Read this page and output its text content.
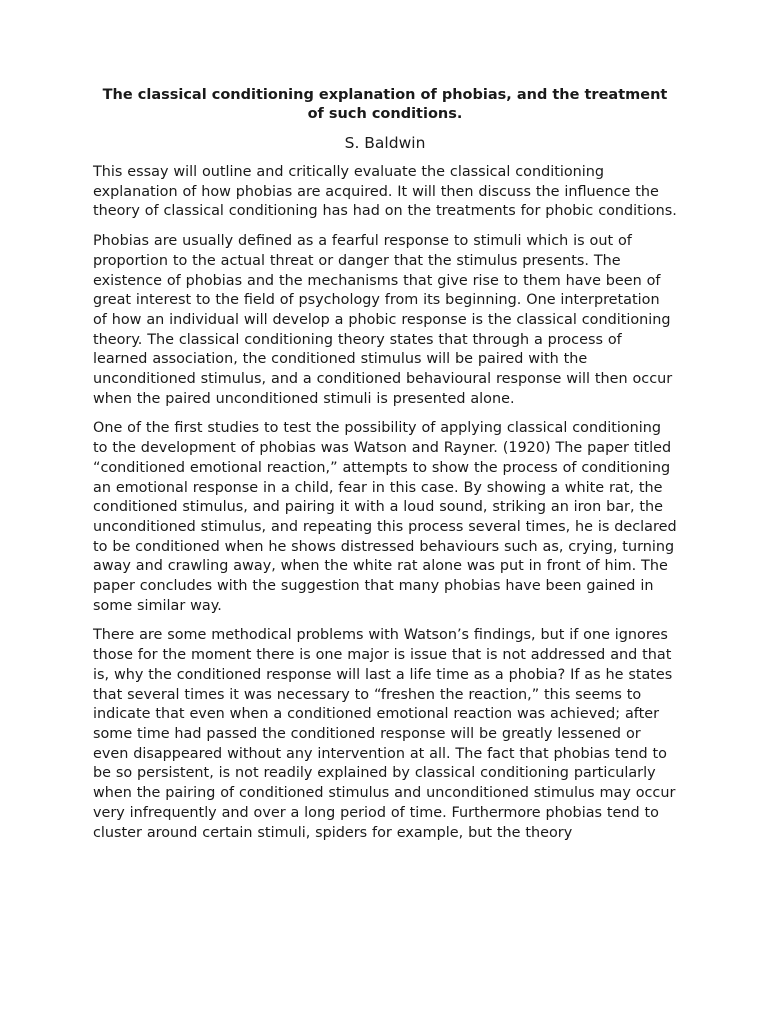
The classical conditioning explanation of phobias, and the treatment of such conditions.
S. Baldwin

This essay will outline and critically evaluate the classical conditioning explanation of how phobias are acquired. It will then discuss the influence the theory of classical conditioning has had on the treatments for phobic conditions.

Phobias are usually defined as a fearful response to stimuli which is out of proportion to the actual threat or danger that the stimulus presents. The existence of phobias and the mechanisms that give rise to them have been of great interest to the field of psychology from its beginning. One interpretation of how an individual will develop a phobic response is the classical conditioning theory. The classical conditioning theory states that through a process of learned association, the conditioned stimulus will be paired with the unconditioned stimulus, and a conditioned behavioural response will then occur when the paired unconditioned stimuli is presented alone.

One of the first studies to test the possibility of applying classical conditioning to the development of phobias was Watson and Rayner. (1920) The paper titled “conditioned emotional reaction,” attempts to show the process of conditioning an emotional response in a child, fear in this case. By showing a white rat, the conditioned stimulus, and pairing it with a loud sound, striking an iron bar, the unconditioned stimulus, and repeating this process several times, he is declared to be conditioned when he shows distressed behaviours such as, crying, turning away and crawling away, when the white rat alone was put in front of him. The paper concludes with the suggestion that many phobias have been gained in some similar way.

There are some methodical problems with Watson’s findings, but if one ignores those for the moment there is one major is issue that is not addressed and that is, why the conditioned response will last a life time as a phobia? If as he states that several times it was necessary to “freshen the reaction,” this seems to indicate that even when a conditioned emotional reaction was achieved; after some time had passed the conditioned response will be greatly lessened or even disappeared without any intervention at all. The fact that phobias tend to be so persistent, is not readily explained by classical conditioning particularly when the pairing of conditioned stimulus and unconditioned stimulus may occur very infrequently and over a long period of time. Furthermore phobias tend to cluster around certain stimuli, spiders for example, but the theory
